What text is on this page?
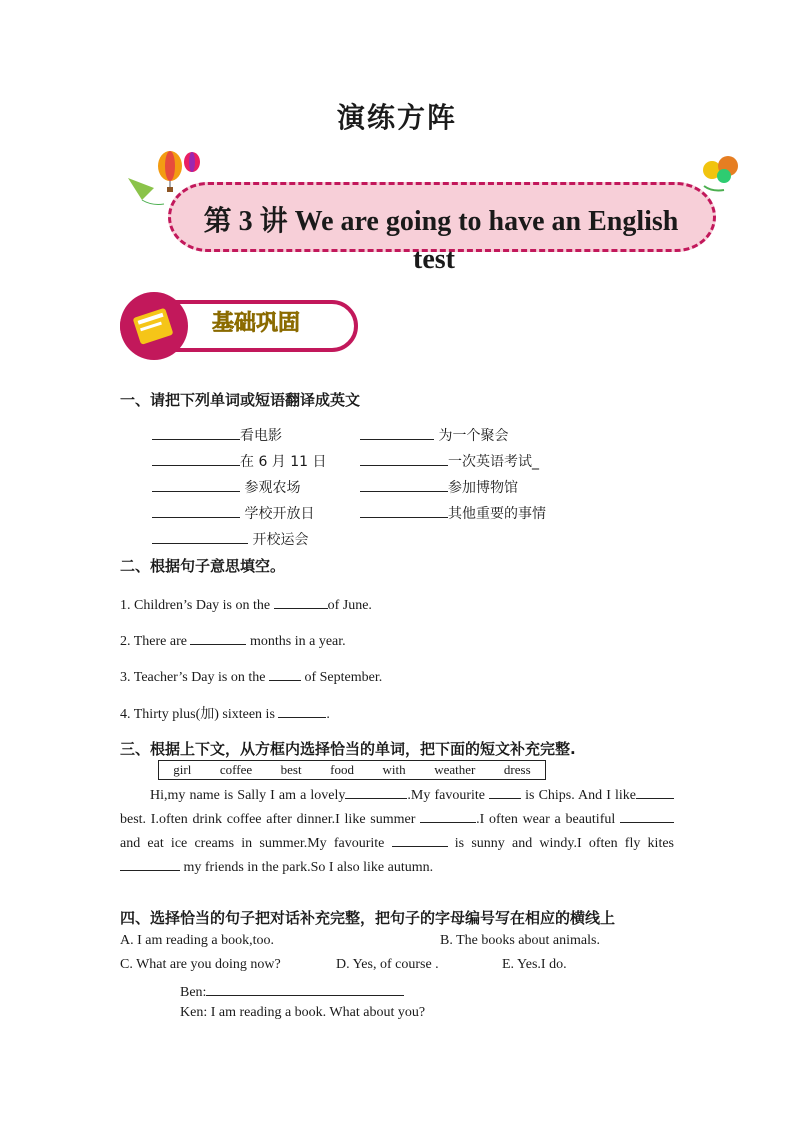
演练方阵
第 3 讲 We are going to have an English
test
基础巩固
一、请把下列单词或短语翻译成英文
看电影	为一个聚会
在 6 月 11 日	一次英语考试_
参观农场	参加博物馆
学校开放日	其他重要的事情
开校运会
二、根据句子意思填空。
1. Children’s Day is on the	of June.
2. There are	months in a year.
3. Teacher’s Day is on the  of September.
4. Thirty plus(加) sixteen is	.
三、根据上下文，从方框内选择恰当的单词，把下面的短文补充完整.
girl coffee best food with weather dress
Hi,my name is Sally I am a lovely	.My favourite  is Chips. And I likebest. I.often drink coffee after dinner.I like summer	.I often wear a beautiful  and eat ice creams in summer.My favourite	is sunny and windy.I often fly kites  my friends in the park.So I also like autumn.
四、选择恰当的句子把对话补充完整，把句子的字母编号写在相应的横线上
A. I am reading a book,too.	B. The books about animals.
C. What are you doing now?	D. Yes, of course .	E. Yes.I do.
Ben:
Ken: I am reading a book. What about you?
